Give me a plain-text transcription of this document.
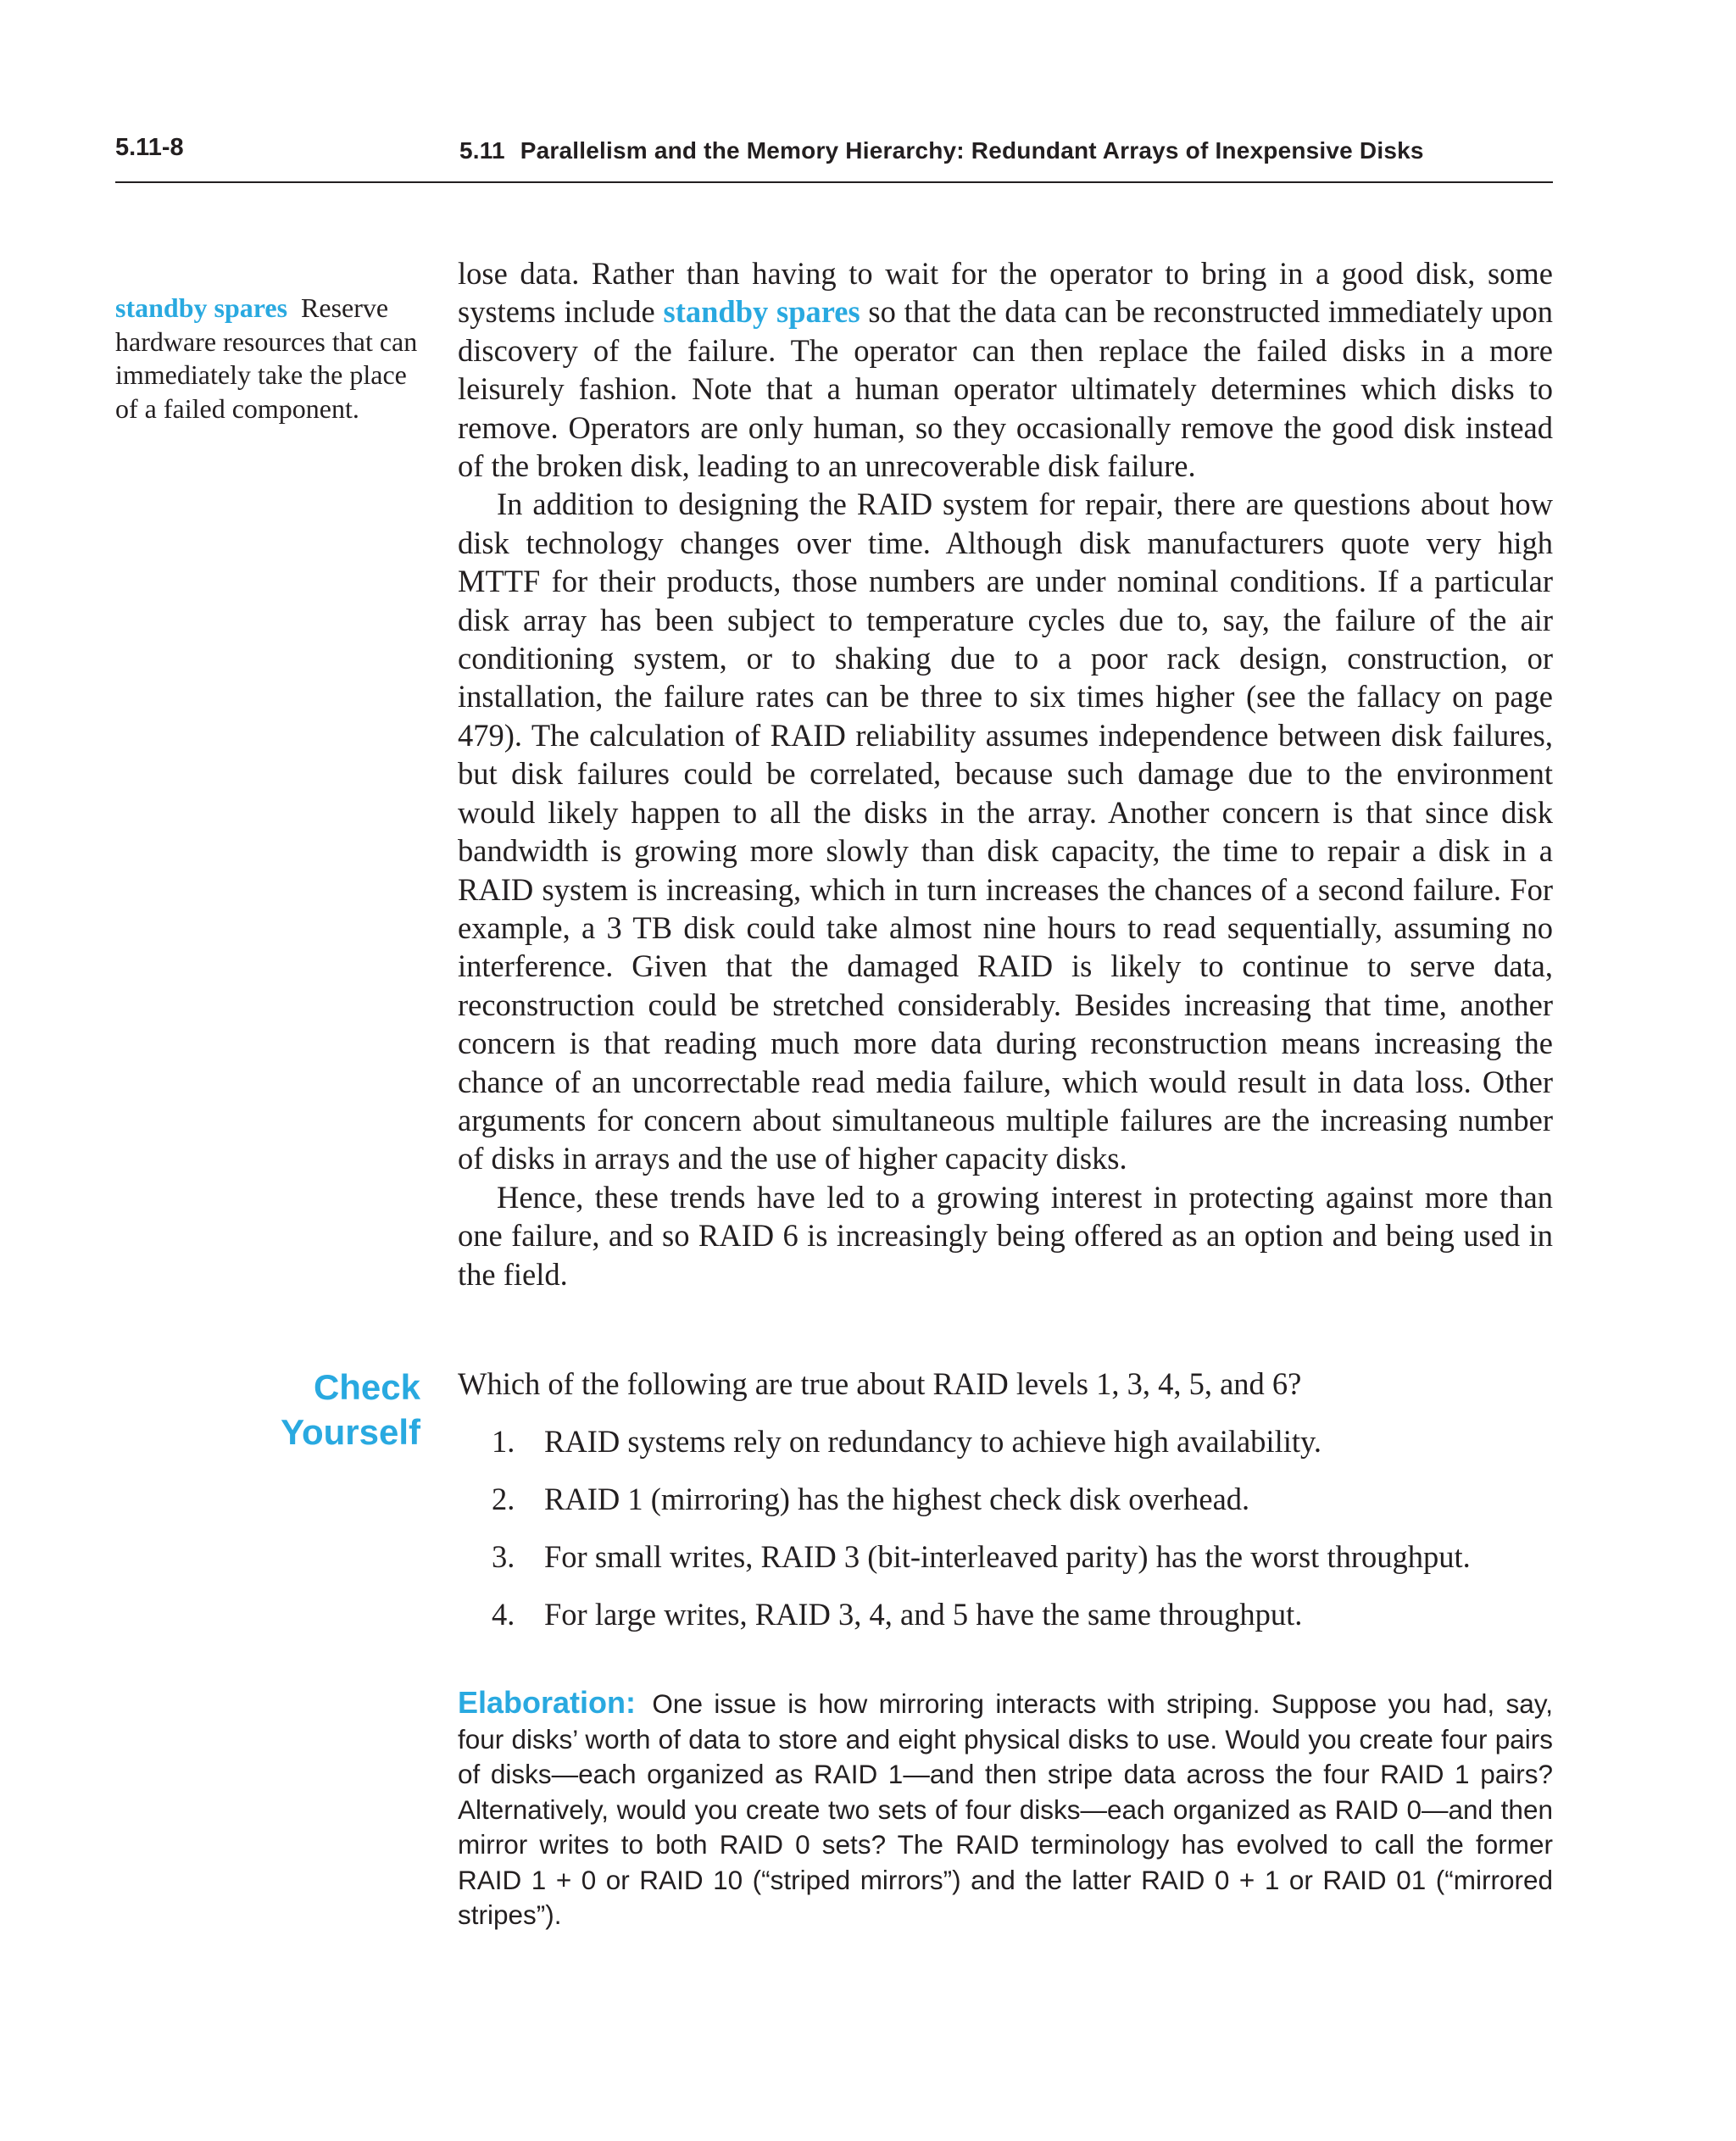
5.11-8	5.11 Parallelism and the Memory Hierarchy: Redundant Arrays of Inexpensive Disks
standby spares Reserve hardware resources that can immediately take the place of a failed component.

lose data. Rather than having to wait for the operator to bring in a good disk, some systems include standby spares so that the data can be reconstructed immediately upon discovery of the failure. The operator can then replace the failed disks in a more leisurely fashion. Note that a human operator ultimately determines which disks to remove. Operators are only human, so they occasionally remove the good disk instead of the broken disk, leading to an unrecoverable disk failure.

In addition to designing the RAID system for repair, there are questions about how disk technology changes over time. Although disk manufacturers quote very high MTTF for their products, those numbers are under nominal conditions. If a particular disk array has been subject to temperature cycles due to, say, the failure of the air conditioning system, or to shaking due to a poor rack design, construction, or installation, the failure rates can be three to six times higher (see the fallacy on page 479). The calculation of RAID reliability assumes independence between disk failures, but disk failures could be correlated, because such damage due to the environment would likely happen to all the disks in the array. Another concern is that since disk bandwidth is growing more slowly than disk capacity, the time to repair a disk in a RAID system is increasing, which in turn increases the chances of a second failure. For example, a 3 TB disk could take almost nine hours to read sequentially, assuming no interference. Given that the damaged RAID is likely to continue to serve data, reconstruction could be stretched considerably. Besides increasing that time, another concern is that reading much more data during reconstruction means increasing the chance of an uncorrectable read media failure, which would result in data loss. Other arguments for concern about simultaneous multiple failures are the increasing number of disks in arrays and the use of higher capacity disks.

Hence, these trends have led to a growing interest in protecting against more than one failure, and so RAID 6 is increasingly being offered as an option and being used in the field.

Check
Yourself
Which of the following are true about RAID levels 1, 3, 4, 5, and 6?
1. RAID systems rely on redundancy to achieve high availability.
2. RAID 1 (mirroring) has the highest check disk overhead.
3. For small writes, RAID 3 (bit-interleaved parity) has the worst throughput.
4. For large writes, RAID 3, 4, and 5 have the same throughput.
Elaboration: One issue is how mirroring interacts with striping. Suppose you had, say, four disks’ worth of data to store and eight physical disks to use. Would you create four pairs of disks—each organized as RAID 1—and then stripe data across the four RAID 1 pairs? Alternatively, would you create two sets of four disks—each organized as RAID 0—and then mirror writes to both RAID 0 sets? The RAID terminology has evolved to call the former RAID 1 + 0 or RAID 10 (“striped mirrors”) and the latter RAID 0 + 1 or RAID 01 (“mirrored stripes”).
